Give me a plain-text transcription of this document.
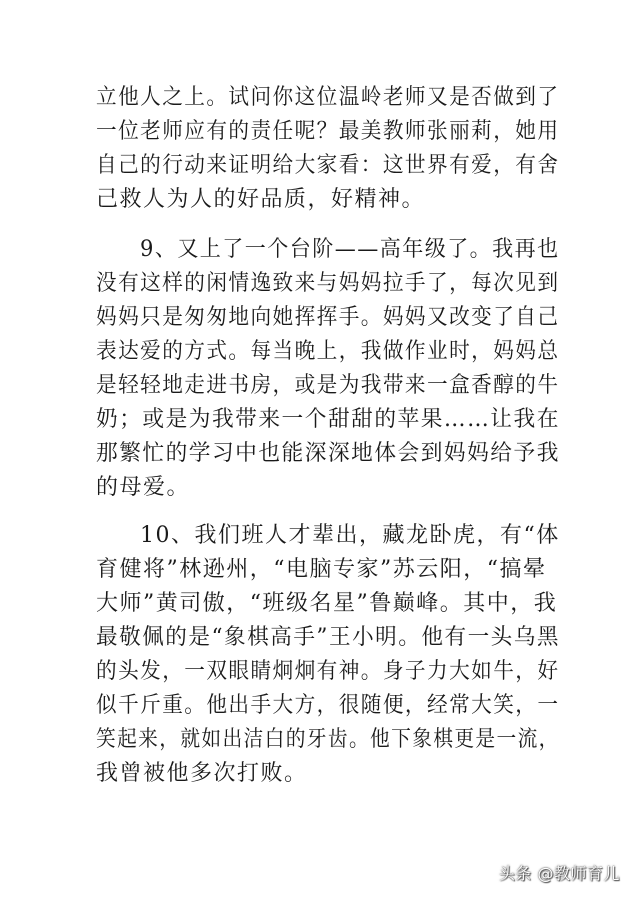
立他人之上。试问你这位温岭老师又是否做到了
一位老师应有的责任呢？最美教师张丽莉，她用
自己的行动来证明给大家看：这世界有爱，有舍
己救人为人的好品质，好精神。
9、又上了一个台阶——高年级了。我再也
没有这样的闲情逸致来与妈妈拉手了，每次见到
妈妈只是匆匆地向她挥挥手。妈妈又改变了自己
表达爱的方式。每当晚上，我做作业时，妈妈总
是轻轻地走进书房，或是为我带来一盒香醇的牛
奶；或是为我带来一个甜甜的苹果……让我在
那繁忙的学习中也能深深地体会到妈妈给予我
的母爱。
10、我们班人才辈出，藏龙卧虎，有“体
育健将”林逊州，“电脑专家”苏云阳，“搞晕
大师”黄司傲，“班级名星”鲁巅峰。其中，我
最敬佩的是“象棋高手”王小明。他有一头乌黑
的头发，一双眼睛炯炯有神。身子力大如牛，好
似千斤重。他出手大方，很随便，经常大笑，一
笑起来，就如出洁白的牙齿。他下象棋更是一流，
我曾被他多次打败。
头条 @教师育儿
